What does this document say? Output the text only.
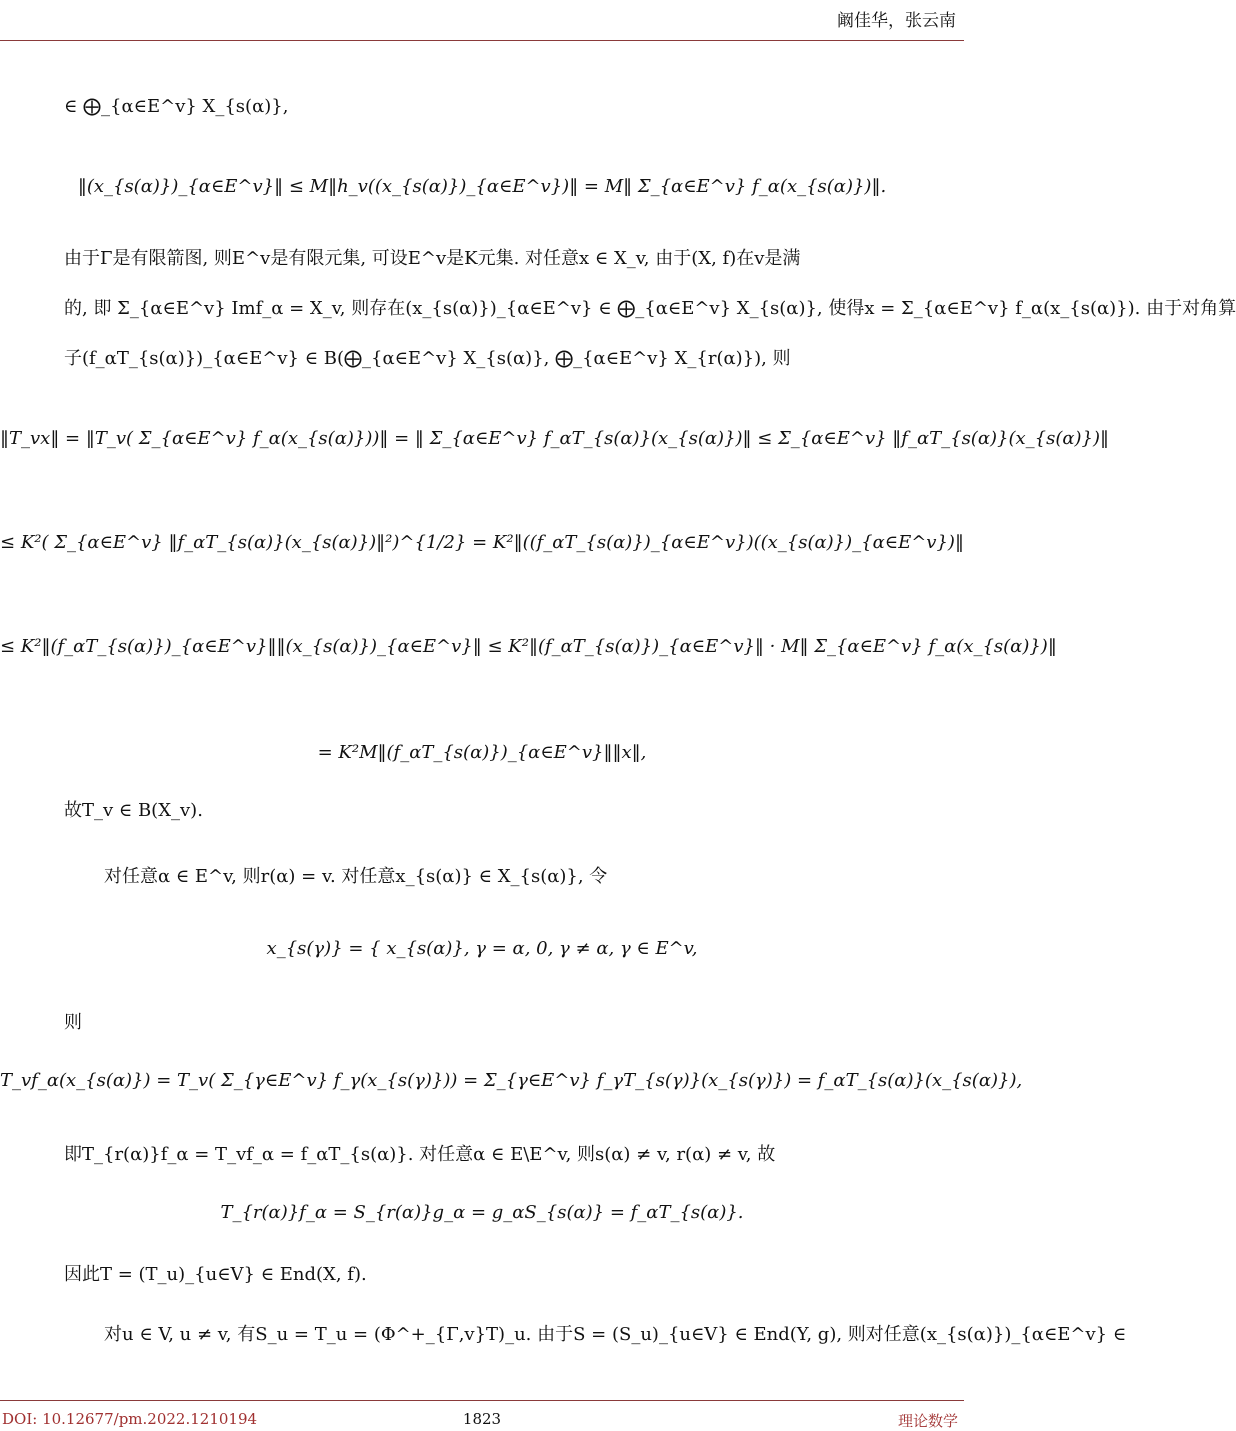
阚佳华，张云南
∈ ⨁_{α∈E^v} X_{s(α)},
‖(x_{s(α)})_{α∈E^v}‖ ≤ M‖h_v((x_{s(α)})_{α∈E^v})‖ = M‖ Σ_{α∈E^v} f_α(x_{s(α)})‖.
由于Γ是有限箭图, 则E^v是有限元集, 可设E^v是K元集. 对任意x ∈ X_v, 由于(X, f)在v是满
的, 即 Σ_{α∈E^v} Imf_α = X_v, 则存在(x_{s(α)})_{α∈E^v} ∈ ⨁_{α∈E^v} X_{s(α)}, 使得x = Σ_{α∈E^v} f_α(x_{s(α)}). 由于对角算
子(f_αT_{s(α)})_{α∈E^v} ∈ B(⨁_{α∈E^v} X_{s(α)}, ⨁_{α∈E^v} X_{r(α)}), 则
‖T_vx‖ = ‖T_v( Σ_{α∈E^v} f_α(x_{s(α)}))‖ = ‖ Σ_{α∈E^v} f_αT_{s(α)}(x_{s(α)})‖ ≤ Σ_{α∈E^v} ‖f_αT_{s(α)}(x_{s(α)})‖
≤ K²( Σ_{α∈E^v} ‖f_αT_{s(α)}(x_{s(α)})‖²)^{1/2} = K²‖((f_αT_{s(α)})_{α∈E^v})((x_{s(α)})_{α∈E^v})‖
≤ K²‖(f_αT_{s(α)})_{α∈E^v}‖‖(x_{s(α)})_{α∈E^v}‖ ≤ K²‖(f_αT_{s(α)})_{α∈E^v}‖ · M‖ Σ_{α∈E^v} f_α(x_{s(α)})‖
= K²M‖(f_αT_{s(α)})_{α∈E^v}‖‖x‖,
故T_v ∈ B(X_v).
对任意α ∈ E^v, 则r(α) = v. 对任意x_{s(α)} ∈ X_{s(α)}, 令
x_{s(γ)} = { x_{s(α)}, γ = α, 0, γ ≠ α, γ ∈ E^v,
则
T_vf_α(x_{s(α)}) = T_v( Σ_{γ∈E^v} f_γ(x_{s(γ)})) = Σ_{γ∈E^v} f_γT_{s(γ)}(x_{s(γ)}) = f_αT_{s(α)}(x_{s(α)}),
即T_{r(α)}f_α = T_vf_α = f_αT_{s(α)}. 对任意α ∈ E\E^v, 则s(α) ≠ v, r(α) ≠ v, 故
T_{r(α)}f_α = S_{r(α)}g_α = g_αS_{s(α)} = f_αT_{s(α)}.
因此T = (T_u)_{u∈V} ∈ End(X, f).
对u ∈ V, u ≠ v, 有S_u = T_u = (Φ^+_{Γ,v}T)_u. 由于S = (S_u)_{u∈V} ∈ End(Y, g), 则对任意(x_{s(α)})_{α∈E^v} ∈
DOI: 10.12677/pm.2022.1210194	1823	理论数学
